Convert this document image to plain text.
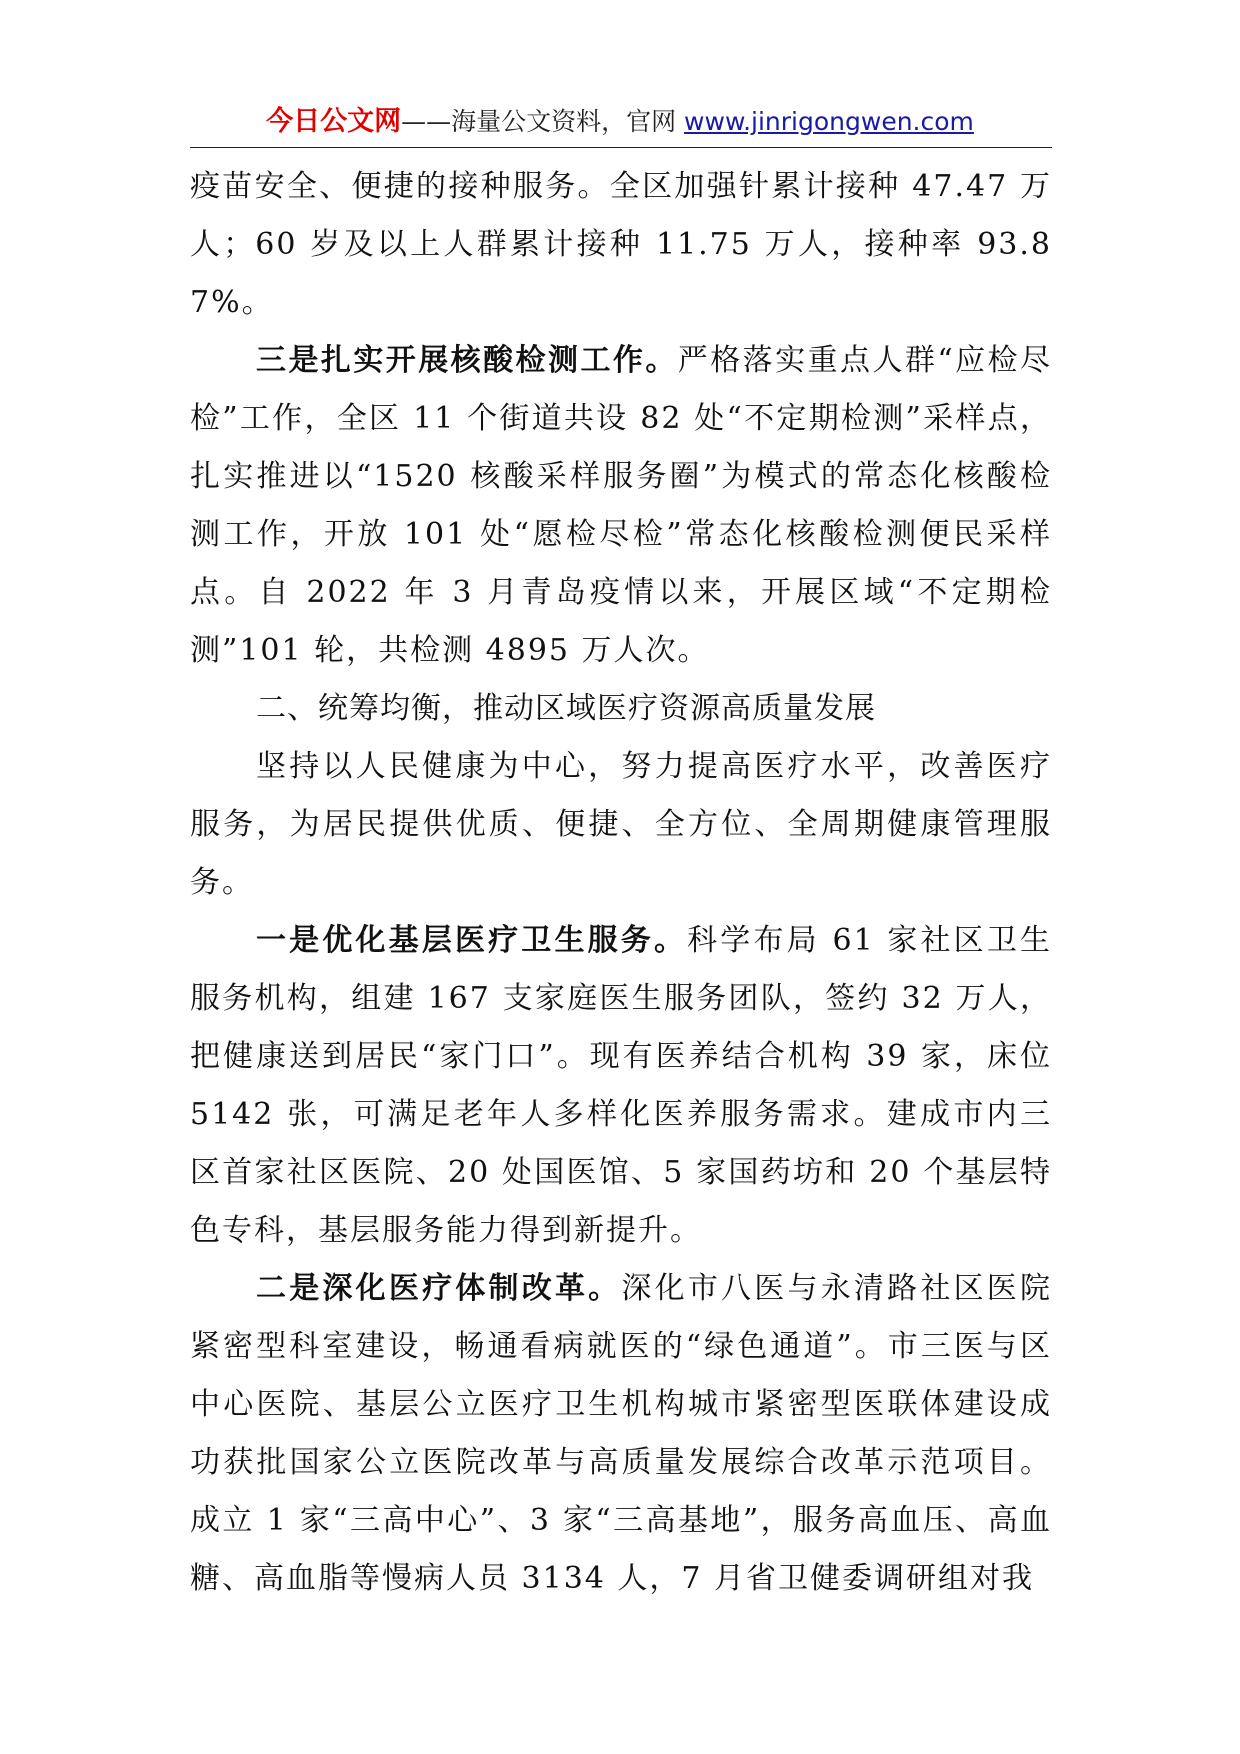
今日公文网——海量公文资料，官网 www.jinrigongwen.com

疫苗安全、便捷的接种服务。全区加强针累计接种 47.47 万人；60 岁及以上人群累计接种 11.75 万人，接种率 93.87%。

三是扎实开展核酸检测工作。严格落实重点人群“应检尽检”工作，全区 11 个街道共设 82 处“不定期检测”采样点，扎实推进以“1520 核酸采样服务圈”为模式的常态化核酸检测工作，开放 101 处“愿检尽检”常态化核酸检测便民采样点。自 2022 年 3 月青岛疫情以来，开展区域“不定期检测”101 轮，共检测 4895 万人次。

二、统筹均衡，推动区域医疗资源高质量发展

坚持以人民健康为中心，努力提高医疗水平，改善医疗服务，为居民提供优质、便捷、全方位、全周期健康管理服务。

一是优化基层医疗卫生服务。科学布局 61 家社区卫生服务机构，组建 167 支家庭医生服务团队，签约 32 万人，把健康送到居民“家门口”。现有医养结合机构 39 家，床位 5142 张，可满足老年人多样化医养服务需求。建成市内三区首家社区医院、20 处国医馆、5 家国药坊和 20 个基层特色专科，基层服务能力得到新提升。

二是深化医疗体制改革。深化市八医与永清路社区医院紧密型科室建设，畅通看病就医的“绿色通道”。市三医与区中心医院、基层公立医疗卫生机构城市紧密型医联体建设成功获批国家公立医院改革与高质量发展综合改革示范项目。成立 1 家“三高中心”、3 家“三高基地”，服务高血压、高血糖、高血脂等慢病人员 3134 人，7 月省卫健委调研组对我
